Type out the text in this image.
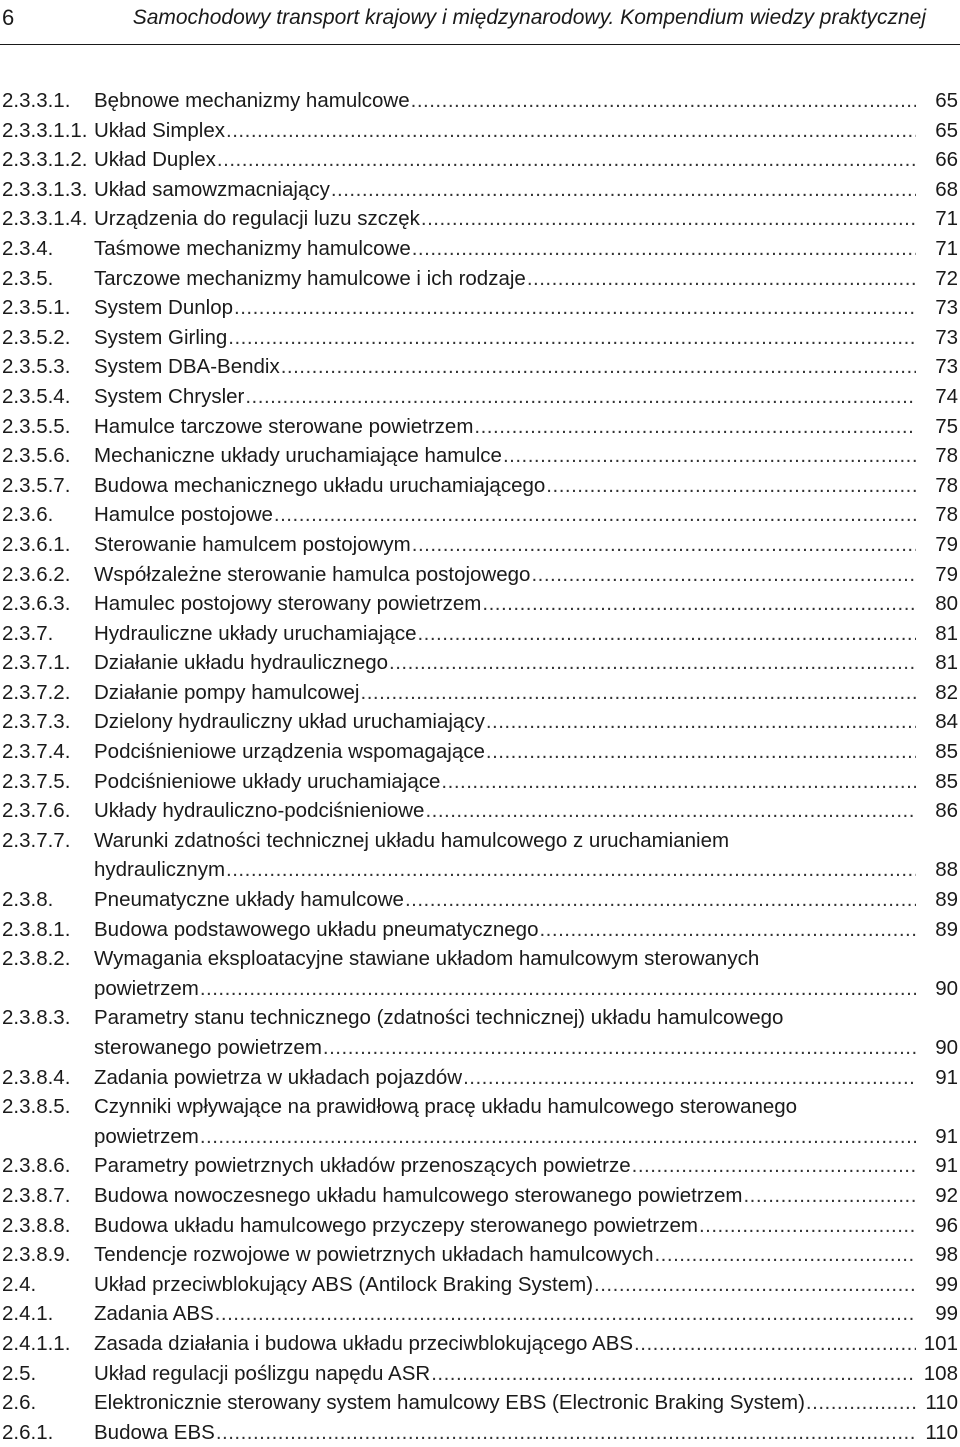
6	Samochodowy transport krajowy i międzynarodowy. Kompendium wiedzy praktycznej
2.3.3.1. Bębnowe mechanizmy hamulcowe .....	65
2.3.3.1.1. Układ Simplex .....	65
2.3.3.1.2. Układ Duplex .....	66
2.3.3.1.3. Układ samowzmacniający .....	68
2.3.3.1.4. Urządzenia do regulacji luzu szczęk .....	71
2.3.4. Taśmowe mechanizmy hamulcowe .....	71
2.3.5. Tarczowe mechanizmy hamulcowe i ich rodzaje .....	72
2.3.5.1. System Dunlop .....	73
2.3.5.2. System Girling .....	73
2.3.5.3. System DBA-Bendix .....	73
2.3.5.4. System Chrysler .....	74
2.3.5.5. Hamulce tarczowe sterowane powietrzem .....	75
2.3.5.6. Mechaniczne układy uruchamiające hamulce .....	78
2.3.5.7. Budowa mechanicznego układu uruchamiającego .....	78
2.3.6. Hamulce postojowe .....	78
2.3.6.1. Sterowanie hamulcem postojowym .....	79
2.3.6.2. Współzależne sterowanie hamulca postojowego .....	79
2.3.6.3. Hamulec postojowy sterowany powietrzem .....	80
2.3.7. Hydrauliczne układy uruchamiające .....	81
2.3.7.1. Działanie układu hydraulicznego .....	81
2.3.7.2. Działanie pompy hamulcowej .....	82
2.3.7.3. Dzielony hydrauliczny układ uruchamiający .....	84
2.3.7.4. Podciśnieniowe urządzenia wspomagające .....	85
2.3.7.5. Podciśnieniowe układy uruchamiające .....	85
2.3.7.6. Układy hydrauliczno-podciśnieniowe .....	86
2.3.7.7. Warunki zdatności technicznej układu hamulcowego z uruchamianiem
hydraulicznym .....	88
2.3.8. Pneumatyczne układy hamulcowe .....	89
2.3.8.1. Budowa podstawowego układu pneumatycznego .....	89
2.3.8.2. Wymagania eksploatacyjne stawiane układom hamulcowym sterowanych
powietrzem .....	90
2.3.8.3. Parametry stanu technicznego (zdatności technicznej) układu hamulcowego
sterowanego powietrzem .....	90
2.3.8.4. Zadania powietrza w układach pojazdów .....	91
2.3.8.5. Czynniki wpływające na prawidłową pracę układu hamulcowego sterowanego
powietrzem .....	91
2.3.8.6. Parametry powietrznych układów przenoszących powietrze .....	91
2.3.8.7. Budowa nowoczesnego układu hamulcowego sterowanego powietrzem .....	92
2.3.8.8. Budowa układu hamulcowego przyczepy sterowanego powietrzem .....	96
2.3.8.9. Tendencje rozwojowe w powietrznych układach hamulcowych .....	98
2.4.	Układ przeciwblokujący ABS (Antilock Braking System) .....	99
2.4.1. Zadania ABS .....	99
2.4.1.1. Zasada działania i budowa układu przeciwblokującego ABS .....	101
2.5.	Układ regulacji poślizgu napędu ASR .....	108
2.6.	Elektronicznie sterowany system hamulcowy EBS (Electronic Braking System) .....	110
2.6.1. Budowa EBS .....	110
